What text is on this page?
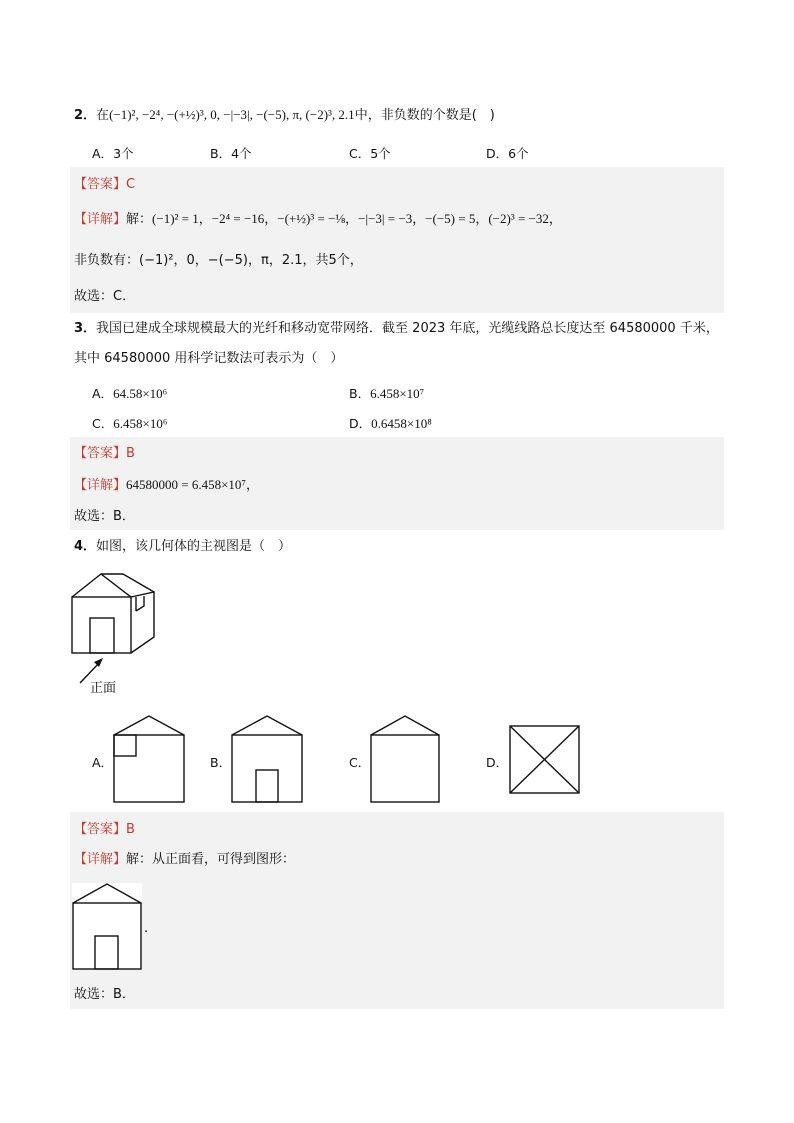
2．在(−1)², −2⁴, −(+½)³, 0, −|−3|, −(−5), π, (−2)³, 2.1中，非负数的个数是(　)
A．3个	B．4个	C．5个	D．6个
【答案】C
【详解】解：(−1)² = 1，−2⁴ = −16，−(+½)³ = −⅛，−|−3| = −3，−(−5) = 5，(−2)³ = −32，
非负数有：(−1)²，0，−(−5)，π，2.1，共5个，
故选：C．
3．我国已建成全球规模最大的光纤和移动宽带网络．截至 2023 年底，光缆线路总长度达至 64580000 千米，
其中 64580000 用科学记数法可表示为（　）
A．64.58×10⁶	B．6.458×10⁷
C．6.458×10⁶	D．0.6458×10⁸
【答案】B
【详解】64580000 = 6.458×10⁷，
故选：B．
4．如图，该几何体的主视图是（　）
正面
A．	B．	C．	D．
【答案】B
【详解】解：从正面看，可得到图形：
.
故选：B．
